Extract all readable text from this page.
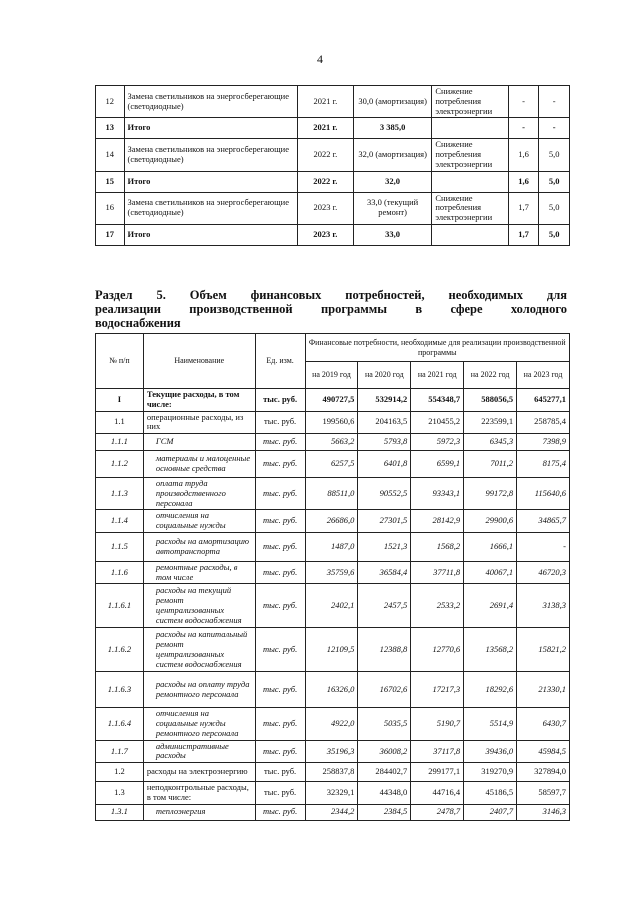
4
12	Замена светильников на энергосберегающие (светодиодные)	2021 г.	30,0 (амортизация)	Снижение потребления электроэнергии	-	-
13	Итого	2021 г.	3 385,0		-	-
14	Замена светильников на энергосберегающие (светодиодные)	2022 г.	32,0 (амортизация)	Снижение потребления электроэнергии	1,6	5,0
15	Итого	2022 г.	32,0		1,6	5,0
16	Замена светильников на энергосберегающие (светодиодные)	2023 г.	33,0 (текущий ремонт)	Снижение потребления электроэнергии	1,7	5,0
17	Итого	2023 г.	33,0		1,7	5,0
Раздел 5. Объем финансовых потребностей, необходимых для
реализации производственной программы в сфере холодного
водоснабжения
№ п/п	Наименование	Ед. изм.	Финансовые потребности, необходимые для реализации производственной программы				
			на 2019 год	на 2020 год	на 2021 год	на 2022 год	на 2023 год
I	Текущие расходы, в том числе:	тыс. руб.	490727,5	532914,2	554348,7	588056,5	645277,1
1.1	операционные расходы, из них	тыс. руб.	199560,6	204163,5	210455,2	223599,1	258785,4
1.1.1	ГСМ	тыс. руб.	5663,2	5793,8	5972,3	6345,3	7398,9
1.1.2	материалы и малоценные основные средства	тыс. руб.	6257,5	6401,8	6599,1	7011,2	8175,4
1.1.3	оплата труда производственного персонала	тыс. руб.	88511,0	90552,5	93343,1	99172,8	115640,6
1.1.4	отчисления на социальные нужды	тыс. руб.	26686,0	27301,5	28142,9	29900,6	34865,7
1.1.5	расходы на амортизацию автотранспорта	тыс. руб.	1487,0	1521,3	1568,2	1666,1	-
1.1.6	ремонтные расходы, в том числе	тыс. руб.	35759,6	36584,4	37711,8	40067,1	46720,3
1.1.6.1	расходы на текущий ремонт централизованных систем водоснабжения	тыс. руб.	2402,1	2457,5	2533,2	2691,4	3138,3
1.1.6.2	расходы на капитальный ремонт централизованных систем водоснабжения	тыс. руб.	12109,5	12388,8	12770,6	13568,2	15821,2
1.1.6.3	расходы на оплату труда ремонтного персонала	тыс. руб.	16326,0	16702,6	17217,3	18292,6	21330,1
1.1.6.4	отчисления на социальные нужды ремонтного персонала	тыс. руб.	4922,0	5035,5	5190,7	5514,9	6430,7
1.1.7	административные расходы	тыс. руб.	35196,3	36008,2	37117,8	39436,0	45984,5
1.2	расходы на электроэнергию	тыс. руб.	258837,8	284402,7	299177,1	319270,9	327894,0
1.3	неподконтрольные расходы, в том числе:	тыс. руб.	32329,1	44348,0	44716,4	45186,5	58597,7
1.3.1	теплоэнергия	тыс. руб.	2344,2	2384,5	2478,7	2407,7	3146,3
